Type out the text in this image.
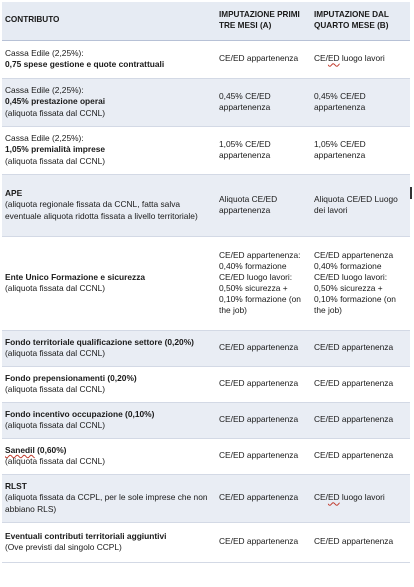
CONTRIBUTO	IMPUTAZIONE PRIMI TRE MESI (A)	IMPUTAZIONE DAL QUARTO MESE (B)

Cassa Edile (2,25%):
0,75 spese gestione e quote contrattuali	CE/ED appartenenza	CE/ED luogo lavori

Cassa Edile (2,25%):
0,45% prestazione operai
(aliquota fissata dal CCNL)	0,45% CE/ED appartenenza	0,45% CE/ED appartenenza

Cassa Edile (2,25%):
1,05% premialità imprese
(aliquota fissata dal CCNL)	1,05% CE/ED appartenenza	1,05% CE/ED appartenenza

APE
(aliquota regionale fissata da CCNL, fatta salva eventuale aliquota ridotta fissata a livello territoriale)	Aliquota CE/ED appartenenza	Aliquota CE/ED Luogo dei lavori

Ente Unico Formazione e sicurezza
(aliquota fissata dal CCNL)	CE/ED appartenenza: 0,40% formazione CE/ED luogo lavori: 0,50% sicurezza + 0,10% formazione (on the job)	CE/ED appartenenza 0,40% formazione CE/ED luogo lavori: 0,50% sicurezza + 0,10% formazione (on the job)

Fondo territoriale qualificazione settore (0,20%)
(aliquota fissata dal CCNL)	CE/ED appartenenza	CE/ED appartenenza

Fondo prepensionamenti (0,20%)
(aliquota fissata dal CCNL)	CE/ED appartenenza	CE/ED appartenenza

Fondo incentivo occupazione (0,10%)
(aliquota fissata dal CCNL)	CE/ED appartenenza	CE/ED appartenenza

Sanedil (0,60%)
(aliquota fissata dal CCNL)	CE/ED appartenenza	CE/ED appartenenza

RLST
(aliquota fissata da CCPL, per le sole imprese che non abbiano RLS)	CE/ED appartenenza	CE/ED luogo lavori

Eventuali contributi territoriali aggiuntivi
(Ove previsti dal singolo CCPL)	CE/ED appartenenza	CE/ED appartenenza
